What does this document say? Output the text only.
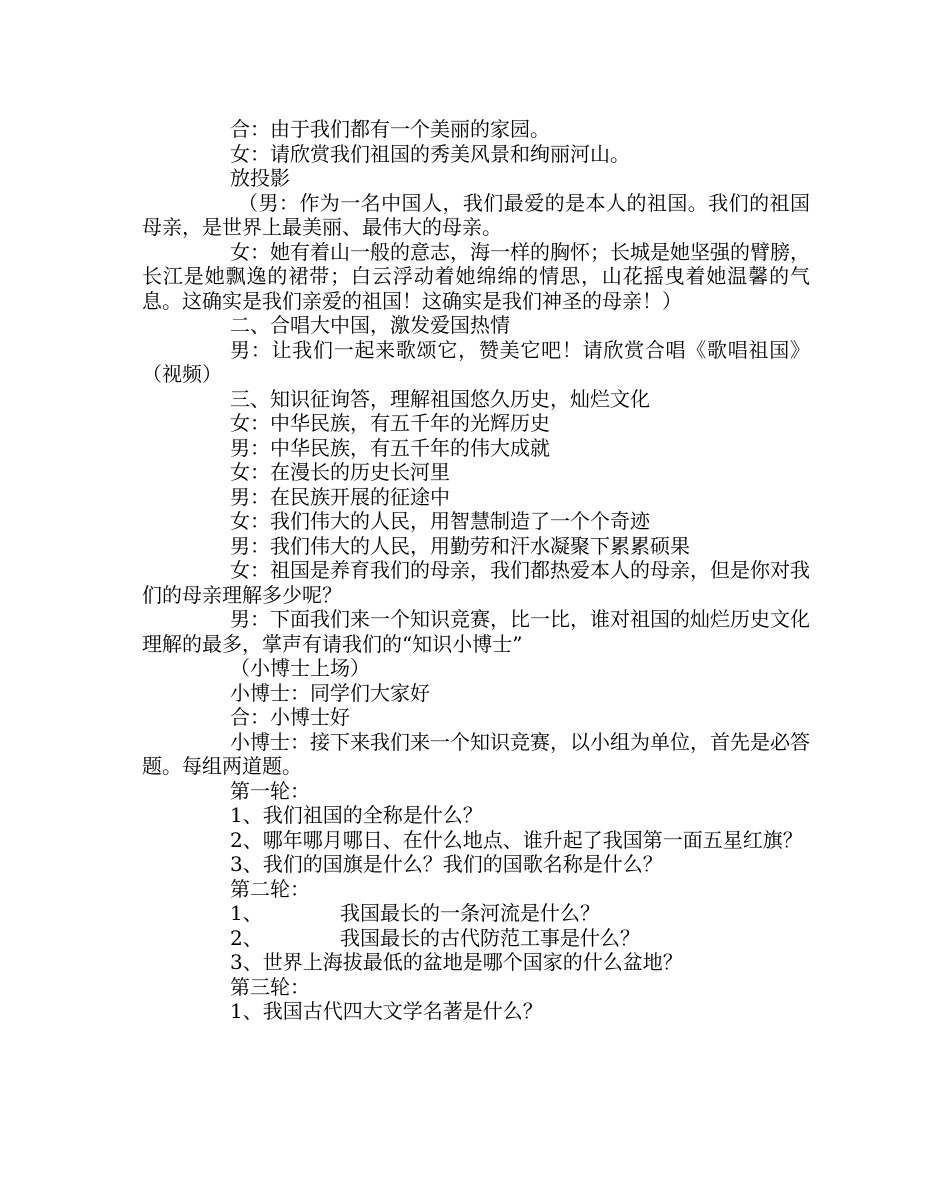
合：由于我们都有一个美丽的家园。

女：请欣赏我们祖国的秀美风景和绚丽河山。

放投影

（男：作为一名中国人，我们最爱的是本人的祖国。我们的祖国母亲，是世界上最美丽、最伟大的母亲。

女：她有着山一般的意志，海一样的胸怀；长城是她坚强的臂膀，长江是她飘逸的裙带；白云浮动着她绵绵的情思，山花摇曳着她温馨的气息。这确实是我们亲爱的祖国！这确实是我们神圣的母亲！）

二、合唱大中国，激发爱国热情

男：让我们一起来歌颂它，赞美它吧！请欣赏合唱《歌唱祖国》（视频）

三、知识征询答，理解祖国悠久历史，灿烂文化

女：中华民族，有五千年的光辉历史

男：中华民族，有五千年的伟大成就

女：在漫长的历史长河里

男：在民族开展的征途中

女：我们伟大的人民，用智慧制造了一个个奇迹

男：我们伟大的人民，用勤劳和汗水凝聚下累累硕果

女：祖国是养育我们的母亲，我们都热爱本人的母亲，但是你对我们的母亲理解多少呢？

男：下面我们来一个知识竞赛，比一比，谁对祖国的灿烂历史文化理解的最多，掌声有请我们的“知识小博士”

（小博士上场）

小博士：同学们大家好

合：小博士好

小博士：接下来我们来一个知识竞赛，以小组为单位，首先是必答题。每组两道题。

第一轮：

1、我们祖国的全称是什么？

2、哪年哪月哪日、在什么地点、谁升起了我国第一面五星红旗？

3、我们的国旗是什么？我们的国歌名称是什么？

第二轮：

1、	我国最长的一条河流是什么？
2、	我国最长的古代防范工事是什么？

3、世界上海拔最低的盆地是哪个国家的什么盆地？

第三轮：

1、我国古代四大文学名著是什么？
